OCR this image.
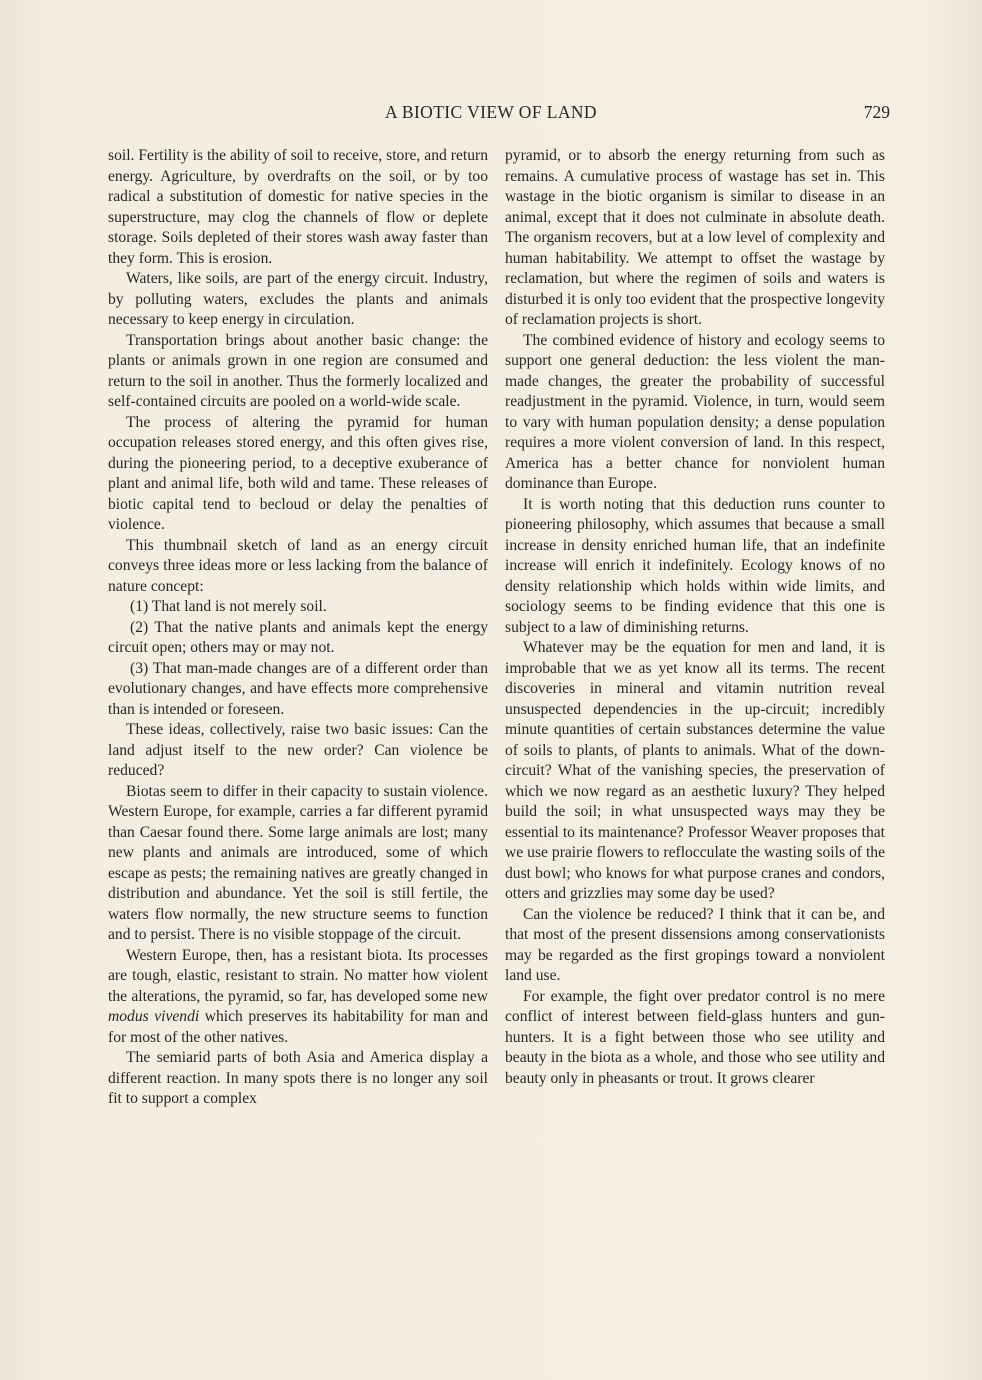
A BIOTIC VIEW OF LAND	729

soil. Fertility is the ability of soil to receive, store, and return energy. Agriculture, by overdrafts on the soil, or by too radical a substitution of domestic for native species in the superstructure, may clog the channels of flow or deplete storage. Soils depleted of their stores wash away faster than they form. This is erosion.

Waters, like soils, are part of the energy circuit. Industry, by polluting waters, excludes the plants and animals necessary to keep energy in circulation.

Transportation brings about another basic change: the plants or animals grown in one region are consumed and return to the soil in another. Thus the formerly localized and self-contained circuits are pooled on a world-wide scale.

The process of altering the pyramid for human occupation releases stored energy, and this often gives rise, during the pioneering period, to a deceptive exuberance of plant and animal life, both wild and tame. These releases of biotic capital tend to becloud or delay the penalties of violence.

This thumbnail sketch of land as an energy circuit conveys three ideas more or less lacking from the balance of nature concept:

(1) That land is not merely soil.

(2) That the native plants and animals kept the energy circuit open; others may or may not.

(3) That man-made changes are of a different order than evolutionary changes, and have effects more comprehensive than is intended or foreseen.

These ideas, collectively, raise two basic issues: Can the land adjust itself to the new order? Can violence be reduced?

Biotas seem to differ in their capacity to sustain violence. Western Europe, for example, carries a far different pyramid than Caesar found there. Some large animals are lost; many new plants and animals are introduced, some of which escape as pests; the remaining natives are greatly changed in distribution and abundance. Yet the soil is still fertile, the waters flow normally, the new structure seems to function and to persist. There is no visible stoppage of the circuit.

Western Europe, then, has a resistant biota. Its processes are tough, elastic, resistant to strain. No matter how violent the alterations, the pyramid, so far, has developed some new modus vivendi which preserves its habitability for man and for most of the other natives.

The semiarid parts of both Asia and America display a different reaction. In many spots there is no longer any soil fit to support a complex

pyramid, or to absorb the energy returning from such as remains. A cumulative process of wastage has set in. This wastage in the biotic organism is similar to disease in an animal, except that it does not culminate in absolute death. The organism recovers, but at a low level of complexity and human habitability. We attempt to offset the wastage by reclamation, but where the regimen of soils and waters is disturbed it is only too evident that the prospective longevity of reclamation projects is short.

The combined evidence of history and ecology seems to support one general deduction: the less violent the man-made changes, the greater the probability of successful readjustment in the pyramid. Violence, in turn, would seem to vary with human population density; a dense population requires a more violent conversion of land. In this respect, America has a better chance for nonviolent human dominance than Europe.

It is worth noting that this deduction runs counter to pioneering philosophy, which assumes that because a small increase in density enriched human life, that an indefinite increase will enrich it indefinitely. Ecology knows of no density relationship which holds within wide limits, and sociology seems to be finding evidence that this one is subject to a law of diminishing returns.

Whatever may be the equation for men and land, it is improbable that we as yet know all its terms. The recent discoveries in mineral and vitamin nutrition reveal unsuspected dependencies in the up-circuit; incredibly minute quantities of certain substances determine the value of soils to plants, of plants to animals. What of the down-circuit? What of the vanishing species, the preservation of which we now regard as an aesthetic luxury? They helped build the soil; in what unsuspected ways may they be essential to its maintenance? Professor Weaver proposes that we use prairie flowers to reflocculate the wasting soils of the dust bowl; who knows for what purpose cranes and condors, otters and grizzlies may some day be used?

Can the violence be reduced? I think that it can be, and that most of the present dissensions among conservationists may be regarded as the first gropings toward a nonviolent land use.

For example, the fight over predator control is no mere conflict of interest between field-glass hunters and gun-hunters. It is a fight between those who see utility and beauty in the biota as a whole, and those who see utility and beauty only in pheasants or trout. It grows clearer
